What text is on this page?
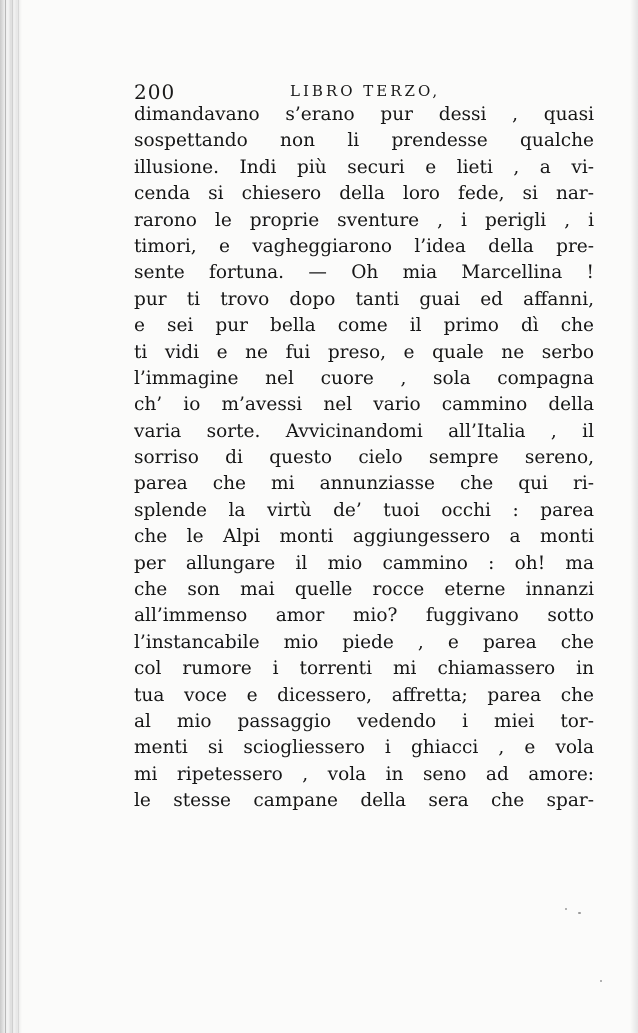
200	LIBRO TERZO,
dimandavano s’erano pur dessi , quasi
sospettando non li prendesse qualche
illusione. Indi più securi e lieti , a vi-
cenda si chiesero della loro fede, si nar-
rarono le proprie sventure , i perigli , i
timori, e vagheggiarono l’idea della pre-
sente fortuna. — Oh mia Marcellina !
pur ti trovo dopo tanti guai ed affanni,
e sei pur bella come il primo dì che
ti vidi e ne fui preso, e quale ne serbo
l’immagine nel cuore , sola compagna
ch’ io m’avessi nel vario cammino della
varia sorte. Avvicinandomi all’Italia , il
sorriso di questo cielo sempre sereno,
parea che mi annunziasse che qui ri-
splende la virtù de’ tuoi occhi : parea
che le Alpi monti aggiungessero a monti
per allungare il mio cammino : oh! ma
che son mai quelle rocce eterne innanzi
all’immenso amor mio? fuggivano sotto
l’instancabile mio piede , e parea che
col rumore i torrenti mi chiamassero in
tua voce e dicessero, affretta; parea che
al mio passaggio vedendo i miei tor-
menti si sciogliessero i ghiacci , e vola
mi ripetessero , vola in seno ad amore:
le stesse campane della sera che spar-
